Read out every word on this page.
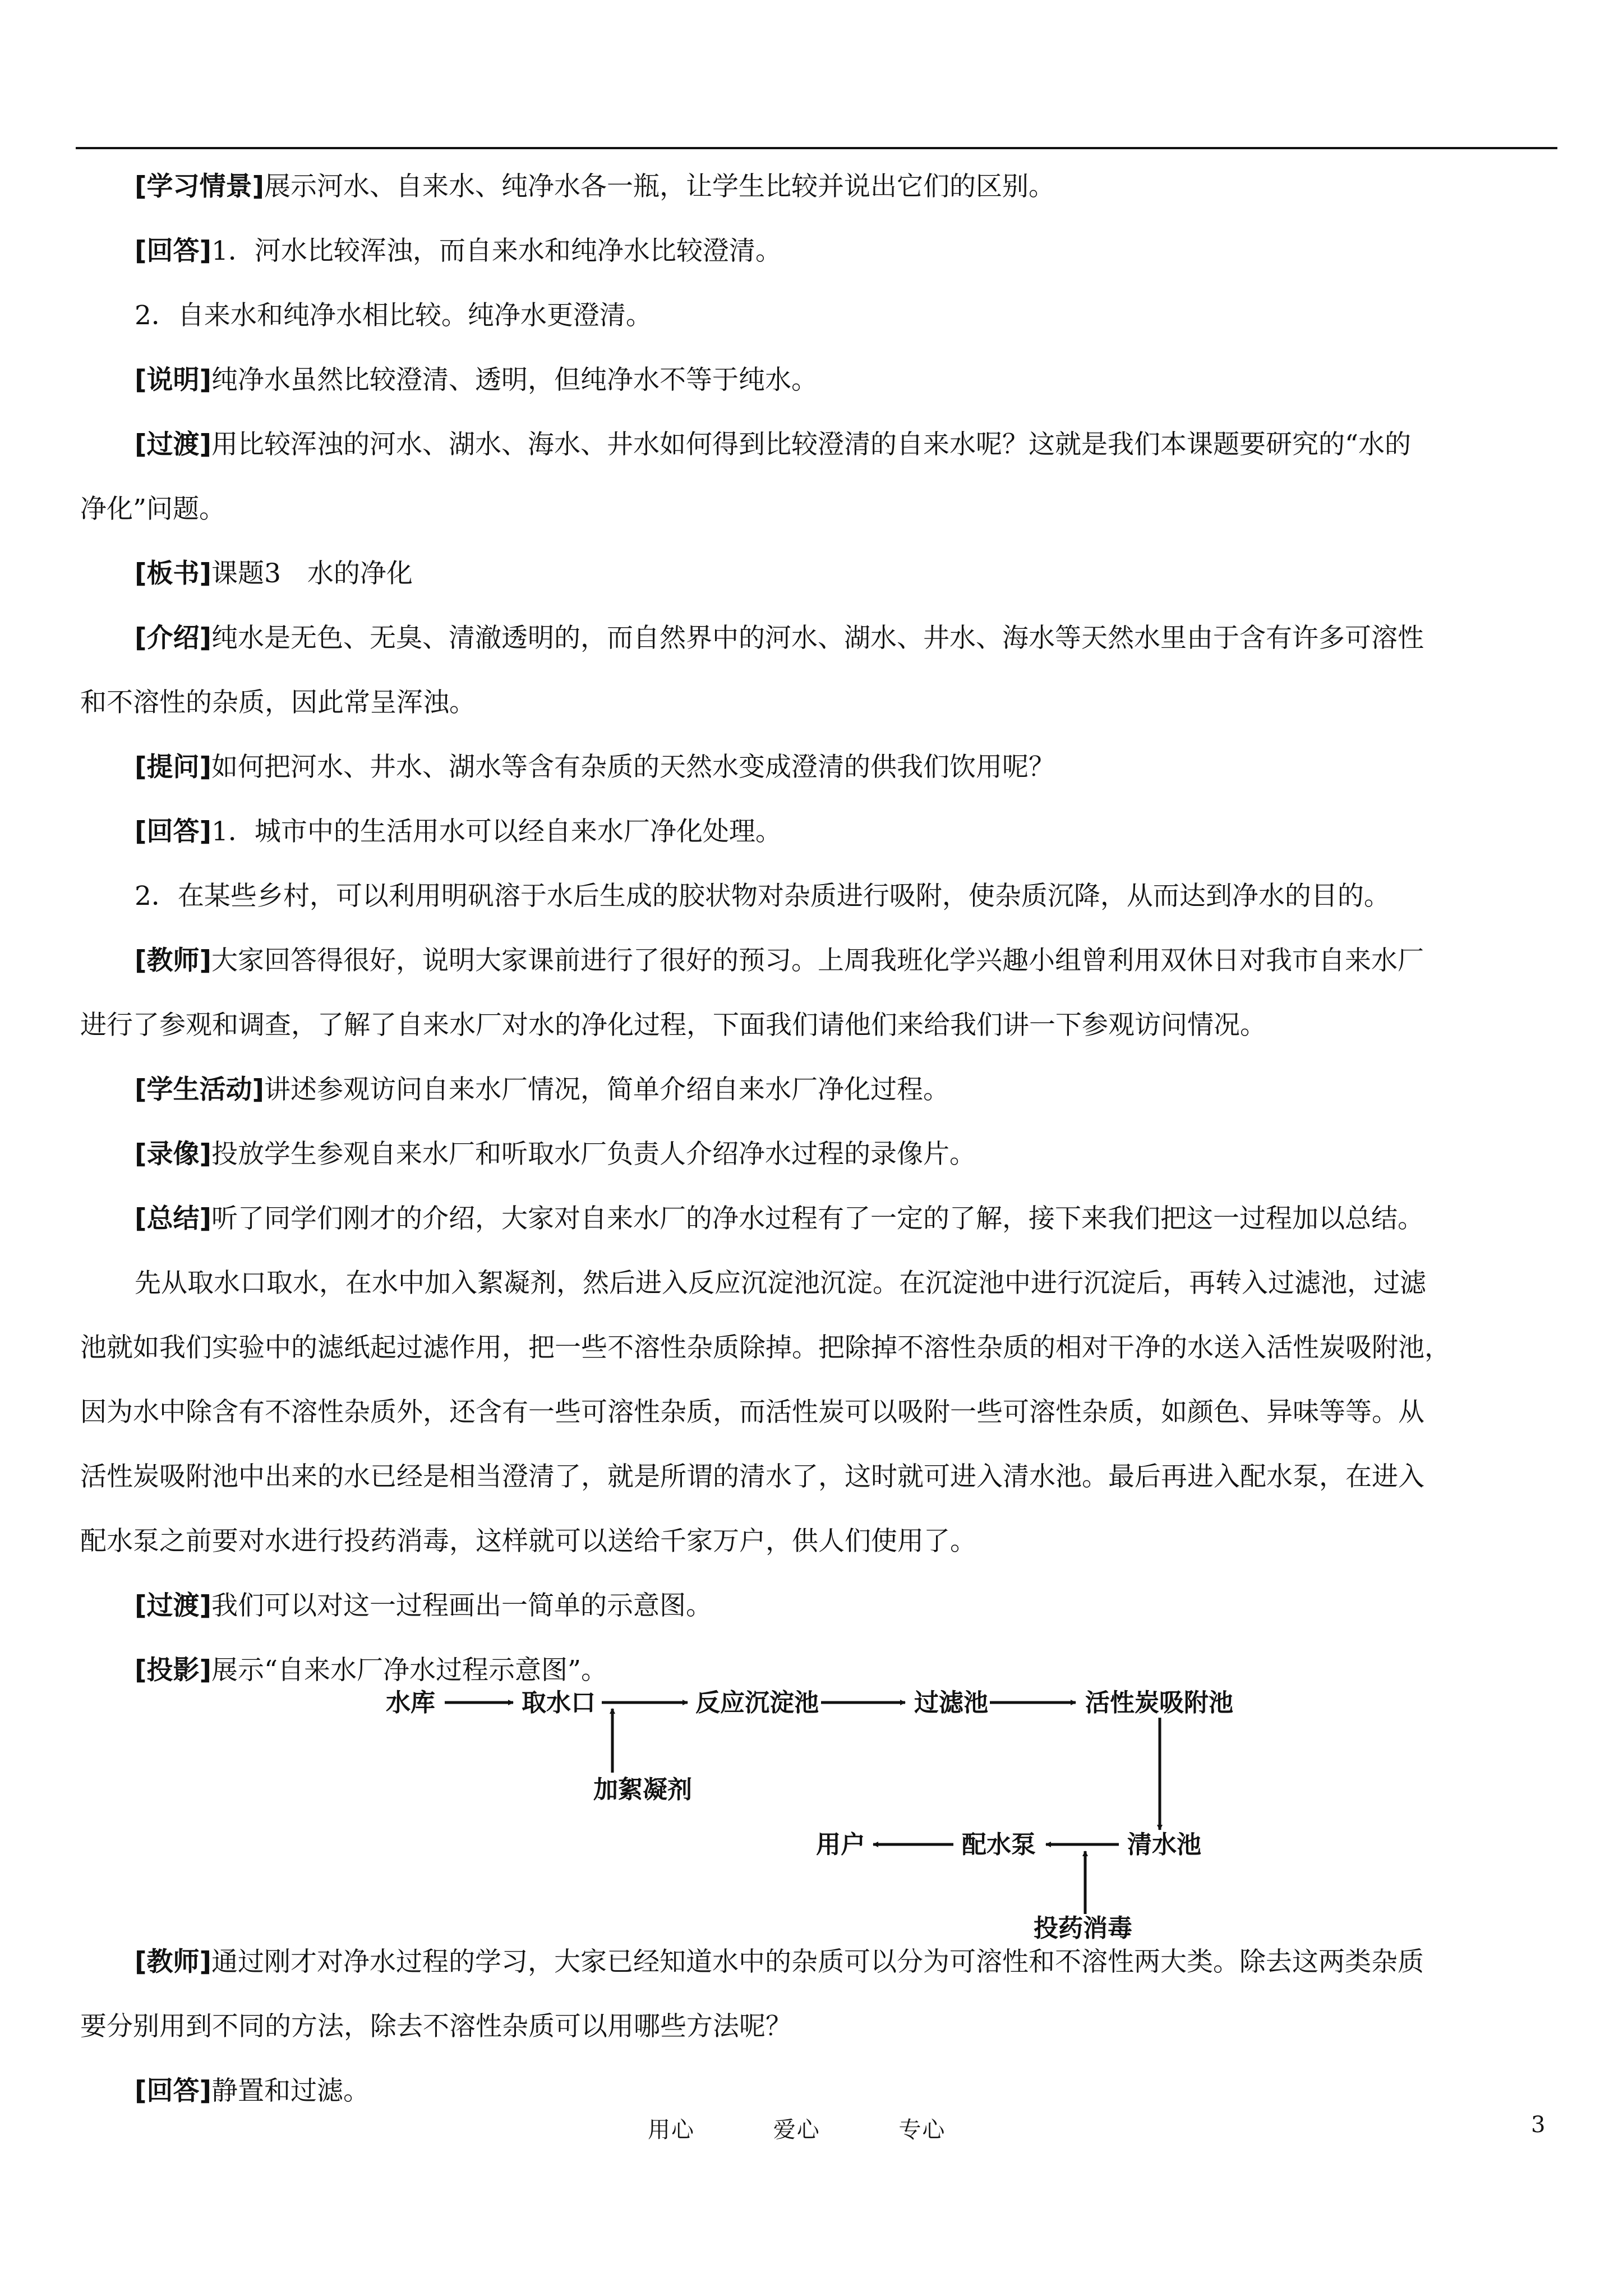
[学习情景]展示河水、自来水、纯净水各一瓶，让学生比较并说出它们的区别。
[回答]1．河水比较浑浊，而自来水和纯净水比较澄清。
2．自来水和纯净水相比较。纯净水更澄清。
[说明]纯净水虽然比较澄清、透明，但纯净水不等于纯水。
[过渡]用比较浑浊的河水、湖水、海水、井水如何得到比较澄清的自来水呢？这就是我们本课题要研究的“水的
净化”问题。
[板书]课题3　水的净化
[介绍]纯水是无色、无臭、清澈透明的，而自然界中的河水、湖水、井水、海水等天然水里由于含有许多可溶性
和不溶性的杂质，因此常呈浑浊。
[提问]如何把河水、井水、湖水等含有杂质的天然水变成澄清的供我们饮用呢？
[回答]1．城市中的生活用水可以经自来水厂净化处理。
2．在某些乡村，可以利用明矾溶于水后生成的胶状物对杂质进行吸附，使杂质沉降，从而达到净水的目的。
[教师]大家回答得很好，说明大家课前进行了很好的预习。上周我班化学兴趣小组曾利用双休日对我市自来水厂
进行了参观和调查，了解了自来水厂对水的净化过程，下面我们请他们来给我们讲一下参观访问情况。
[学生活动]讲述参观访问自来水厂情况，简单介绍自来水厂净化过程。
[录像]投放学生参观自来水厂和听取水厂负责人介绍净水过程的录像片。
[总结]听了同学们刚才的介绍，大家对自来水厂的净水过程有了一定的了解，接下来我们把这一过程加以总结。
先从取水口取水，在水中加入絮凝剂，然后进入反应沉淀池沉淀。在沉淀池中进行沉淀后，再转入过滤池，过滤
池就如我们实验中的滤纸起过滤作用，把一些不溶性杂质除掉。把除掉不溶性杂质的相对干净的水送入活性炭吸附池，
因为水中除含有不溶性杂质外，还含有一些可溶性杂质，而活性炭可以吸附一些可溶性杂质，如颜色、异味等等。从
活性炭吸附池中出来的水已经是相当澄清了，就是所谓的清水了，这时就可进入清水池。最后再进入配水泵，在进入
配水泵之前要对水进行投药消毒，这样就可以送给千家万户，供人们使用了。
[过渡]我们可以对这一过程画出一简单的示意图。
[投影]展示“自来水厂净水过程示意图”。
[教师]通过刚才对净水过程的学习，大家已经知道水中的杂质可以分为可溶性和不溶性两大类。除去这两类杂质
要分别用到不同的方法，除去不溶性杂质可以用哪些方法呢？
[回答]静置和过滤。
水库	取水口	反应沉淀池	过滤池	活性炭吸附池
加絮凝剂
用户	配水泵	清水池
投药消毒
用心	爱心	专心	3
